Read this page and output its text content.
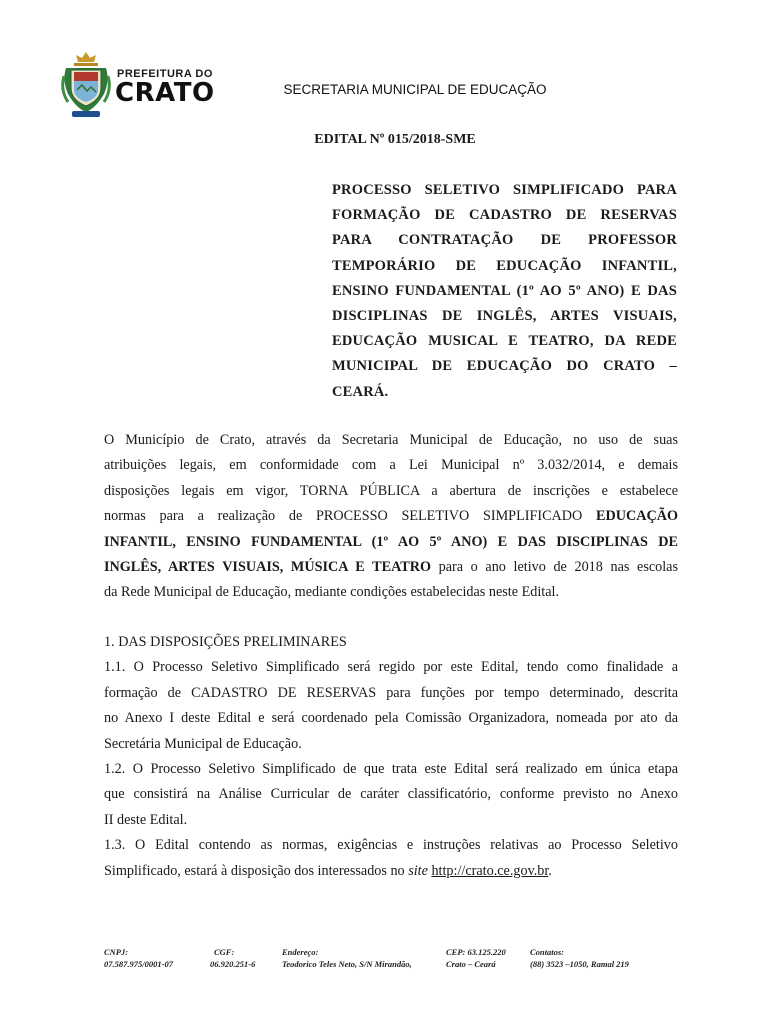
PREFEITURA DO
CRATO	SECRETARIA MUNICIPAL DE EDUCAÇÃO
EDITAL Nº 015/2018-SME
PROCESSO SELETIVO SIMPLIFICADO PARA
FORMAÇÃO DE CADASTRO DE RESERVAS
PARA CONTRATAÇÃO DE PROFESSOR
TEMPORÁRIO DE EDUCAÇÃO INFANTIL,
ENSINO FUNDAMENTAL (1º AO 5º ANO) E DAS
DISCIPLINAS DE INGLÊS, ARTES VISUAIS,
EDUCAÇÃO MUSICAL E TEATRO, DA REDE
MUNICIPAL DE EDUCAÇÃO DO CRATO –
CEARÁ.
O Município de Crato, através da Secretaria Municipal de Educação, no uso de suas
atribuições legais, em conformidade com a Lei Municipal nº 3.032/2014, e demais
disposições legais em vigor, TORNA PÚBLICA a abertura de inscrições e estabelece
normas para a realização de PROCESSO SELETIVO SIMPLIFICADO EDUCAÇÃO
INFANTIL, ENSINO FUNDAMENTAL (1º AO 5º ANO) E DAS DISCIPLINAS DE
INGLÊS, ARTES VISUAIS, MÚSICA E TEATRO para o ano letivo de 2018 nas escolas
da Rede Municipal de Educação, mediante condições estabelecidas neste Edital.
1. DAS DISPOSIÇÕES PRELIMINARES
1.1. O Processo Seletivo Simplificado será regido por este Edital, tendo como finalidade a
formação de CADASTRO DE RESERVAS para funções por tempo determinado, descrita
no Anexo I deste Edital e será coordenado pela Comissão Organizadora, nomeada por ato da
Secretária Municipal de Educação.
1.2. O Processo Seletivo Simplificado de que trata este Edital será realizado em única etapa
que consistirá na Análise Curricular de caráter classificatório, conforme previsto no Anexo
II deste Edital.
1.3. O Edital contendo as normas, exigências e instruções relativas ao Processo Seletivo
Simplificado, estará à disposição dos interessados no site http://crato.ce.gov.br.
CNPJ:
07.587.975/0001-07
CGF:
06.920.251-6
Endereço:
Teodorico Teles Neto, S/N Mirandão,
CEP: 63.125.220
Crato – Ceará
Contatos:
(88) 3523 –1050, Ramal 219
